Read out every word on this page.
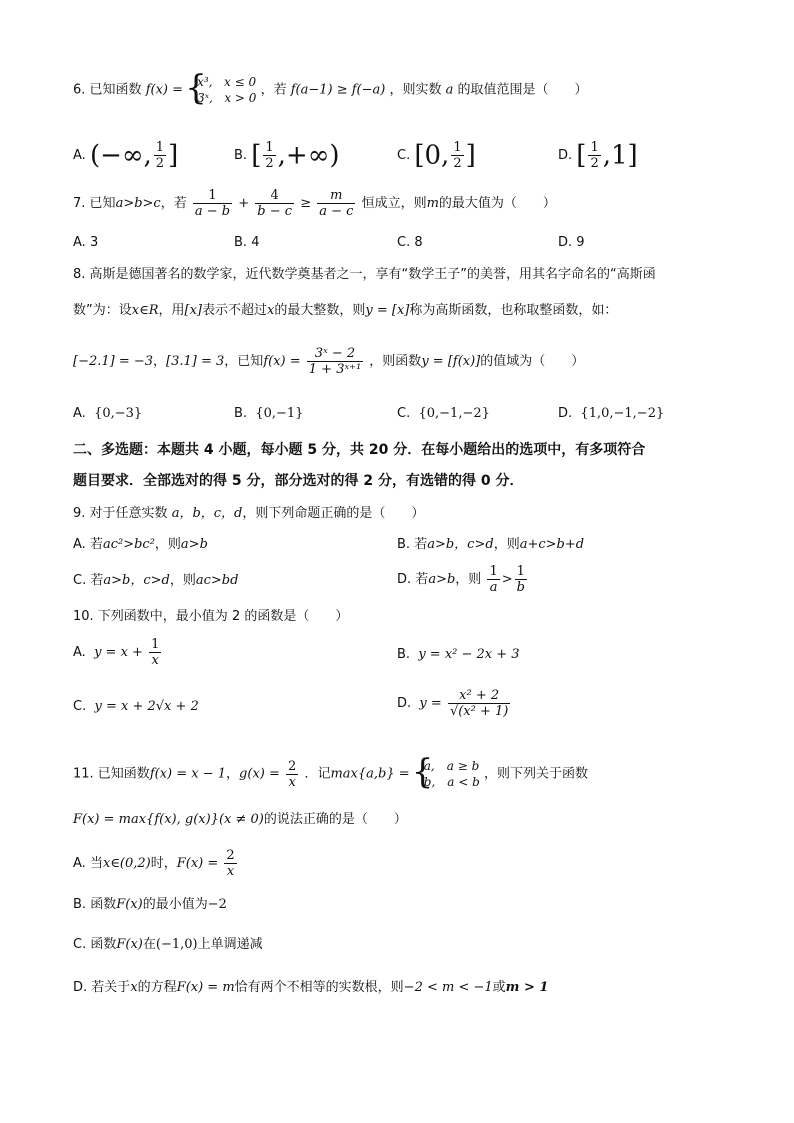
6. 已知函数 f(x) =
{ x³, x ≤ 0
3ˣ, x > 0
，若 f(a−1) ≥ f(−a) ，则实数 a 的取值范围是（　　）
A. (−∞, $\frac{1}{2}$ ]	B. [ $\frac{1}{2}$ ,+∞)	C. [0, $\frac{1}{2}$ ]	D. [ $\frac{1}{2} ,1$]
7. 已知a>b>c，若 $\frac{1}{a - b} + \frac{4}{b - c} \ge \frac{m}{a - c}$ 恒成立，则m的最大值为（　　）
A. 3	B. 4	C. 8	D. 9
8. 高斯是德国著名的数学家，近代数学奠基者之一，享有“数学王子”的美誉，用其名字命名的“高斯函
数”为：设x∈R，用[x]表示不超过x的最大整数，则y = [x]称为高斯函数，也称取整函数，如：
[−2.1] = −3，[3.1] = 3，已知$f(x) = \frac{\text{3ˣ − 2}}{\text{1 + 3ˣ⁺¹}}$ ，则函数y = [f(x)]的值域为（　　）
A. {0,−3}	B. {0,−1}	C. {0,−1,−2}	D. {1,0,−1,−2}
二、多选题：本题共 4 小题，每小题 5 分，共 20 分．在每小题给出的选项中，有多项符合
题目要求．全部选对的得 5 分，部分选对的得 2 分，有选错的得 0 分．
9. 对于任意实数 a，b，c，d，则下列命题正确的是（　　）
A. 若ac²>bc²，则a>b	B. 若a>b，c>d，则a+c>b+d
C. 若a>b，c>d，则ac>bd	D. 若a>b，则 $\frac{1}{a} > \frac{1}{b}$
10. 下列函数中，最小值为 2 的函数是（　　）
A. $y = x + \frac{1}{x}$	B. y = x² − 2x + 3
C. y = x + 2√x + 2	D. $y = \frac{\text{x² + 2}}{\text{√(x² + 1)}}$
11. 已知函数f(x) = x − 1，$g(x) = \frac{2}{x}$ ．记max{a,b} =
{ a,　a ≥ b
b,　a < b
，则下列关于函数
F(x) = max{f(x), g(x)}(x ≠ 0)的说法正确的是（　　）
A. 当x∈(0,2)时，$F(x) = \frac{2}{x}$
B. 函数F(x)的最小值为−2
C. 函数F(x)在(−1,0)上单调递减
D. 若关于x的方程F(x) = m恰有两个不相等的实数根，则−2 < m < −1或m > 1
